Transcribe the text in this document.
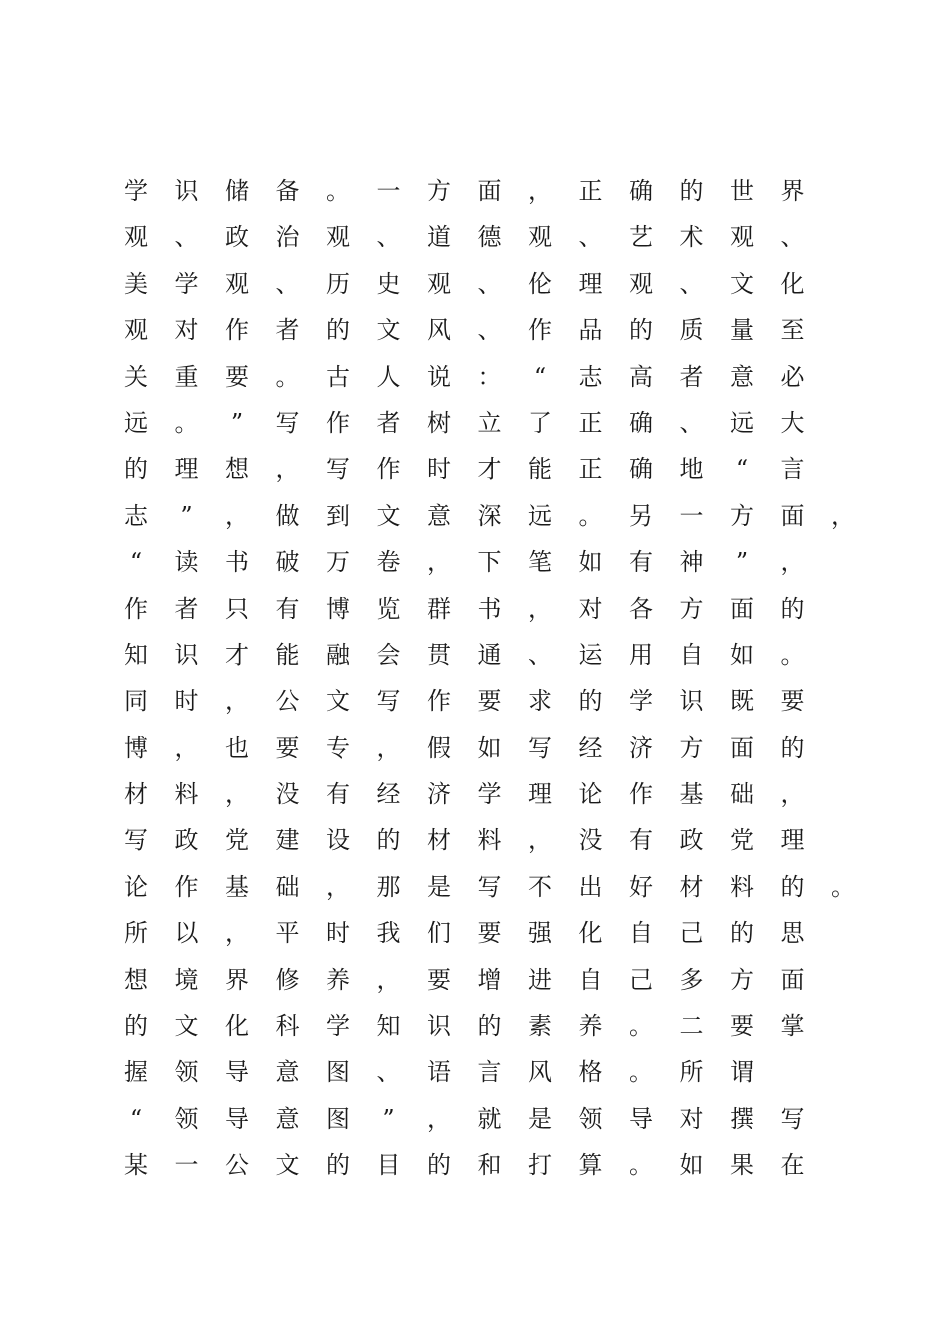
学 识 储 备 。 一 方 面 ， 正 确 的 世 界
观 、 政 治 观 、 道 德 观 、 艺 术 观 、
美 学 观 、 历 史 观 、 伦 理 观 、 文 化
观 对 作 者 的 文 风 、 作 品 的 质 量 至
关 重 要 。 古 人 说 ：	“	志 高 者 意 必
远 。	”	写 作 者 树 立 了 正 确 、 远 大
的 理 想 ， 写 作 时 才 能 正 确 地	“	言
志	”	， 做 到 文 意 深 远 。 另 一 方 面 ，
“	读 书 破 万 卷 ， 下 笔 如 有 神	”	，
作 者 只 有 博 览 群 书 ， 对 各 方 面 的
知 识 才 能 融 会 贯 通 、 运 用 自 如 。
同 时 ， 公 文 写 作 要 求 的 学 识 既 要
博 ， 也 要 专 ， 假 如 写 经 济 方 面 的
材 料 ， 没 有 经 济 学 理 论 作 基 础 ，
写 政 党 建 设 的 材 料 ， 没 有 政 党 理
论 作 基 础 ， 那 是 写 不 出 好 材 料 的 。
所 以 ， 平 时 我 们 要 强 化 自 己 的 思
想 境 界 修 养 ， 要 增 进 自 己 多 方 面
的 文 化 科 学 知 识 的 素 养 。 二 要 掌
握 领 导 意 图 、 语 言 风 格 。 所 谓
“	领 导 意 图	”	， 就 是 领 导 对 撰 写
某 一 公 文 的 目 的 和 打 算 。 如 果 在
